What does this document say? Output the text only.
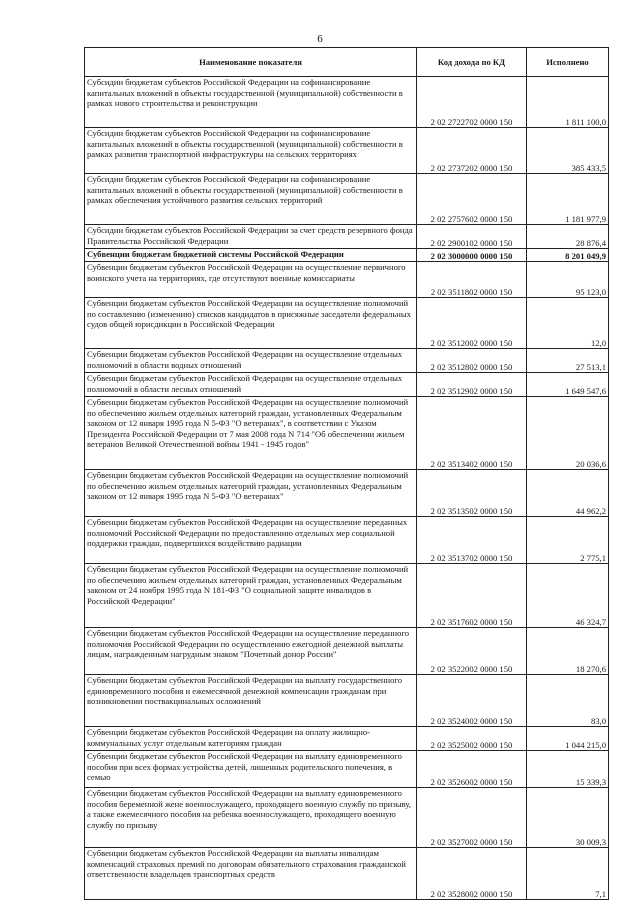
6
Наименование показателя	Код дохода по КД	Исполнено
Субсидии бюджетам субъектов Российской Федерации на софинансирование капитальных вложений в объекты государственной (муниципальной) собственности в рамках нового строительства и реконструкции	2 02 2722702 0000 150	1 811 100,0
Субсидии бюджетам субъектов Российской Федерации на софинансирование капитальных вложений в объекты государственной (муниципальной) собственности в рамках развития транспортной инфраструктуры на сельских территориях	2 02 2737202 0000 150	385 433,5
Субсидии бюджетам субъектов Российской Федерации на софинансирование капитальных вложений в объекты государственной (муниципальной) собственности в рамках обеспечения устойчивого развития сельских территорий	2 02 2757602 0000 150	1 181 977,9
Субсидии бюджетам субъектов Российской Федерации за счет средств резервного фонда Правительства Российской Федерации	2 02 2900102 0000 150	28 876,4
Субвенции бюджетам бюджетной системы Российской Федерации	2 02 3000000 0000 150	8 201 049,9
Субвенции бюджетам субъектов Российской Федерации на осуществление первичного воинского учета на территориях, где отсутствуют военные комиссариаты	2 02 3511802 0000 150	95 123,0
Субвенции бюджетам субъектов Российской Федерации на осуществление полномочий по составлению (изменению) списков кандидатов в присяжные заседатели федеральных судов общей юрисдикции в Российской Федерации	2 02 3512002 0000 150	12,0
Субвенции бюджетам субъектов Российской Федерации на осуществление отдельных полномочий в области водных отношений	2 02 3512802 0000 150	27 513,1
Субвенции бюджетам субъектов Российской Федерации на осуществление отдельных полномочий в области лесных отношений	2 02 3512902 0000 150	1 649 547,6
Субвенции бюджетам субъектов Российской Федерации на осуществление полномочий по обеспечению жильем отдельных категорий граждан, установленных Федеральным законом от 12 января 1995 года N 5-ФЗ "О ветеранах", в соответствии с Указом Президента Российской Федерации от 7 мая 2008 года N 714 "Об обеспечении жильем ветеранов Великой Отечественной войны 1941 - 1945 годов"	2 02 3513402 0000 150	20 036,6
Субвенции бюджетам субъектов Российской Федерации на осуществление полномочий по обеспечению жильем отдельных категорий граждан, установленных Федеральным законом от 12 января 1995 года N 5-ФЗ "О ветеранах"	2 02 3513502 0000 150	44 962,2
Субвенции бюджетам субъектов Российской Федерации на осуществление переданных полномочий Российской Федерации по предоставлению отдельных мер социальной поддержки граждан, подвергшихся воздействию радиации	2 02 3513702 0000 150	2 775,1
Субвенции бюджетам субъектов Российской Федерации на осуществление полномочий по обеспечению жильем отдельных категорий граждан, установленных Федеральным законом от 24 ноября 1995 года N 181-ФЗ "О социальной защите инвалидов в Российской Федерации"	2 02 3517602 0000 150	46 324,7
Субвенции бюджетам субъектов Российской Федерации на осуществление переданного полномочия Российской Федерации по осуществлению ежегодной денежной выплаты лицам, награжденным нагрудным знаком "Почетный донор России"	2 02 3522002 0000 150	18 270,6
Субвенции бюджетам субъектов Российской Федерации на выплату государственного единовременного пособия и ежемесячной денежной компенсации гражданам при возникновении поствакцинальных осложнений	2 02 3524002 0000 150	83,0
Субвенции бюджетам субъектов Российской Федерации на оплату жилищно-коммунальных услуг отдельным категориям граждан	2 02 3525002 0000 150	1 044 215,0
Субвенции бюджетам субъектов Российской Федерации на выплату единовременного пособия при всех формах устройства детей, лишенных родительского попечения, в семью	2 02 3526002 0000 150	15 339,3
Субвенции бюджетам субъектов Российской Федерации на выплату единовременного пособия беременной жене военнослужащего, проходящего военную службу по призыву, а также ежемесячного пособия на ребенка военнослужащего, проходящего военную службу по призыву	2 02 3527002 0000 150	30 009,3
Субвенции бюджетам субъектов Российской Федерации на выплаты инвалидам компенсаций страховых премий по договорам обязательного страхования гражданской ответственности владельцев транспортных средств	2 02 3528002 0000 150	7,1
